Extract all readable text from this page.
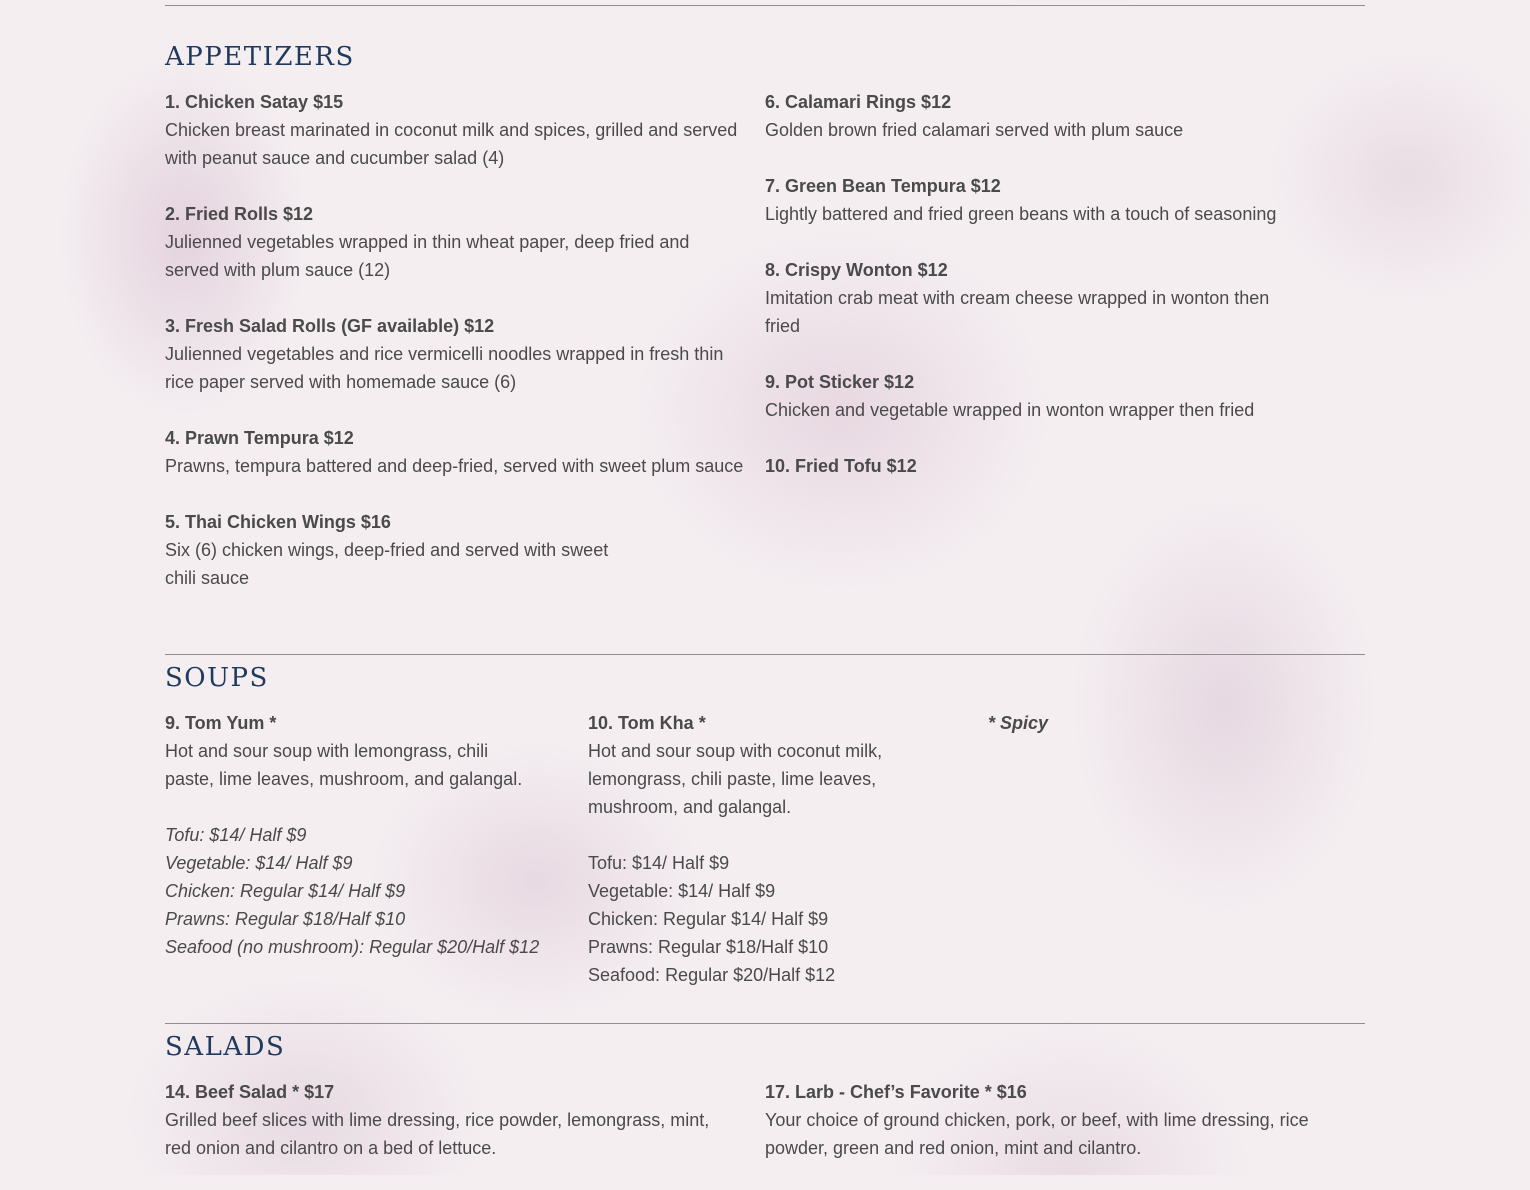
APPETIZERS
1. Chicken Satay $15
Chicken breast marinated in coconut milk and spices, grilled and served with peanut sauce and cucumber salad (4)
2. Fried Rolls $12
Julienned vegetables wrapped in thin wheat paper, deep fried and served with plum sauce (12)
3. Fresh Salad Rolls (GF available) $12
Julienned vegetables and rice vermicelli noodles wrapped in fresh thin rice paper served with homemade sauce (6)
4. Prawn Tempura $12
Prawns, tempura battered and deep-fried, served with sweet plum sauce
5. Thai Chicken Wings $16
Six (6) chicken wings, deep-fried and served with sweet chili sauce
6. Calamari Rings $12
Golden brown fried calamari served with plum sauce
7. Green Bean Tempura $12
Lightly battered and fried green beans with a touch of seasoning
8. Crispy Wonton $12
Imitation crab meat with cream cheese wrapped in wonton then fried
9. Pot Sticker $12
Chicken and vegetable wrapped in wonton wrapper then fried
10. Fried Tofu $12
SOUPS
9. Tom Yum *
Hot and sour soup with lemongrass, chili paste, lime leaves, mushroom, and galangal.
Tofu: $14/ Half $9
Vegetable: $14/ Half $9
Chicken: Regular $14/ Half $9
Prawns: Regular $18/Half $10
Seafood (no mushroom): Regular $20/Half $12
10. Tom Kha *
Hot and sour soup with coconut milk, lemongrass, chili paste, lime leaves, mushroom, and galangal.
Tofu: $14/ Half $9
Vegetable: $14/ Half $9
Chicken: Regular $14/ Half $9
Prawns: Regular $18/Half $10
Seafood: Regular $20/Half $12
* Spicy
SALADS
14. Beef Salad * $17
Grilled beef slices with lime dressing, rice powder, lemongrass, mint, red onion and cilantro on a bed of lettuce.
17. Larb - Chef’s Favorite * $16
Your choice of ground chicken, pork, or beef, with lime dressing, rice powder, green and red onion, mint and cilantro.
